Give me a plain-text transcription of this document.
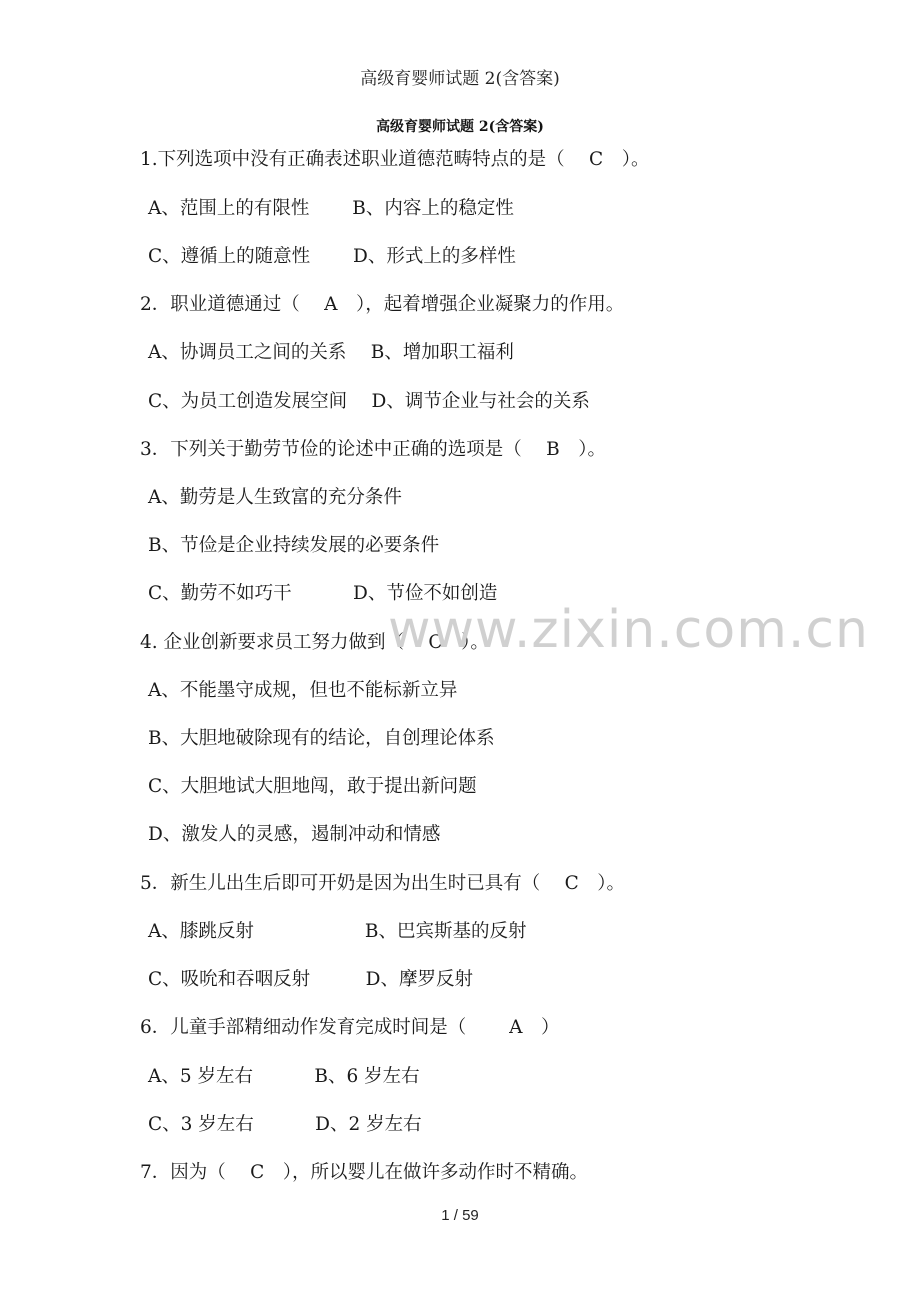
高级育婴师试题 2(含答案)
高级育婴师试题 2(含答案)
1.下列选项中没有正确表述职业道德范畴特点的是（　 C　）。
A、范围上的有限性　　 B、内容上的稳定性
C、遵循上的随意性　　 D、形式上的多样性
2．职业道德通过（　 A　），起着增强企业凝聚力的作用。
A、协调员工之间的关系　 B、增加职工福利
C、为员工创造发展空间　 D、调节企业与社会的关系
3．下列关于勤劳节俭的论述中正确的选项是（　 B　）。
A、勤劳是人生致富的充分条件
B、节俭是企业持续发展的必要条件
C、勤劳不如巧干　　　 D、节俭不如创造
4. 企业创新要求员工努力做到（　 C　）。
A、不能墨守成规，但也不能标新立异
B、大胆地破除现有的结论，自创理论体系
C、大胆地试大胆地闯，敢于提出新问题
D、激发人的灵感，遏制冲动和情感
5．新生儿出生后即可开奶是因为出生时已具有（　 C　）。
A、膝跳反射　　　　　　B、巴宾斯基的反射
C、吸吮和吞咽反射　　　D、摩罗反射
6．儿童手部精细动作发育完成时间是（　　 A　）
A、5 岁左右　　　 B、6 岁左右
C、3 岁左右　　　 D、2 岁左右
7．因为（　 C　），所以婴儿在做许多动作时不精确。
www.zixin.com.cn
1 / 59
